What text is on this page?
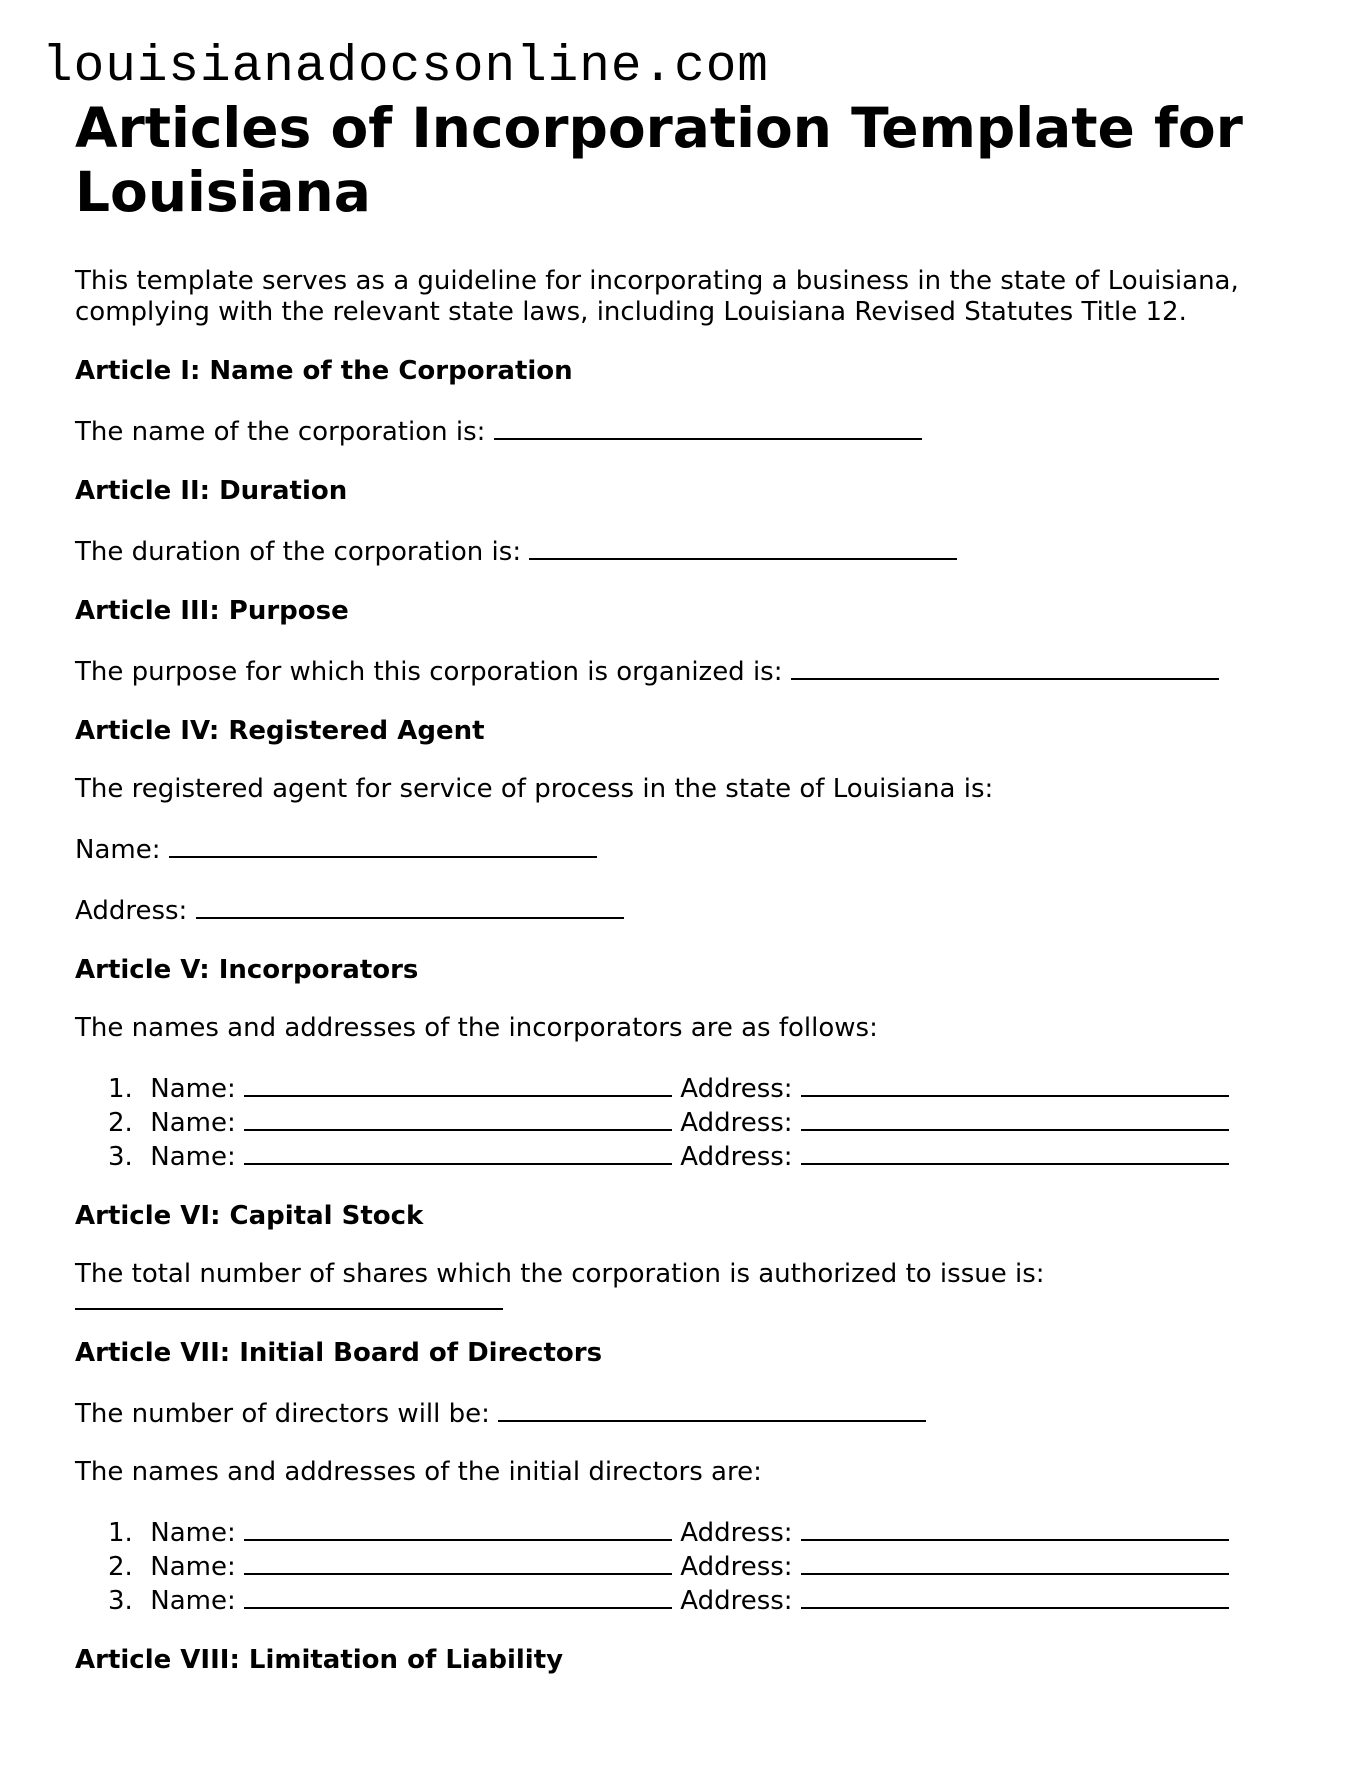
louisianadocsonline.com
Articles of Incorporation Template for Louisiana

This template serves as a guideline for incorporating a business in the state of Louisiana, complying with the relevant state laws, including Louisiana Revised Statutes Title 12.

Article I: Name of the Corporation

The name of the corporation is:

Article II: Duration

The duration of the corporation is:

Article III: Purpose

The purpose for which this corporation is organized is:

Article IV: Registered Agent

The registered agent for service of process in the state of Louisiana is:

Name:

Address:

Article V: Incorporators

The names and addresses of the incorporators are as follows:

1. Name:	Address:
2. Name:	Address:
3. Name:	Address:

Article VI: Capital Stock

The total number of shares which the corporation is authorized to issue is:

Article VII: Initial Board of Directors

The number of directors will be:

The names and addresses of the initial directors are:

1. Name:	Address:
2. Name:	Address:
3. Name:	Address:

Article VIII: Limitation of Liability
